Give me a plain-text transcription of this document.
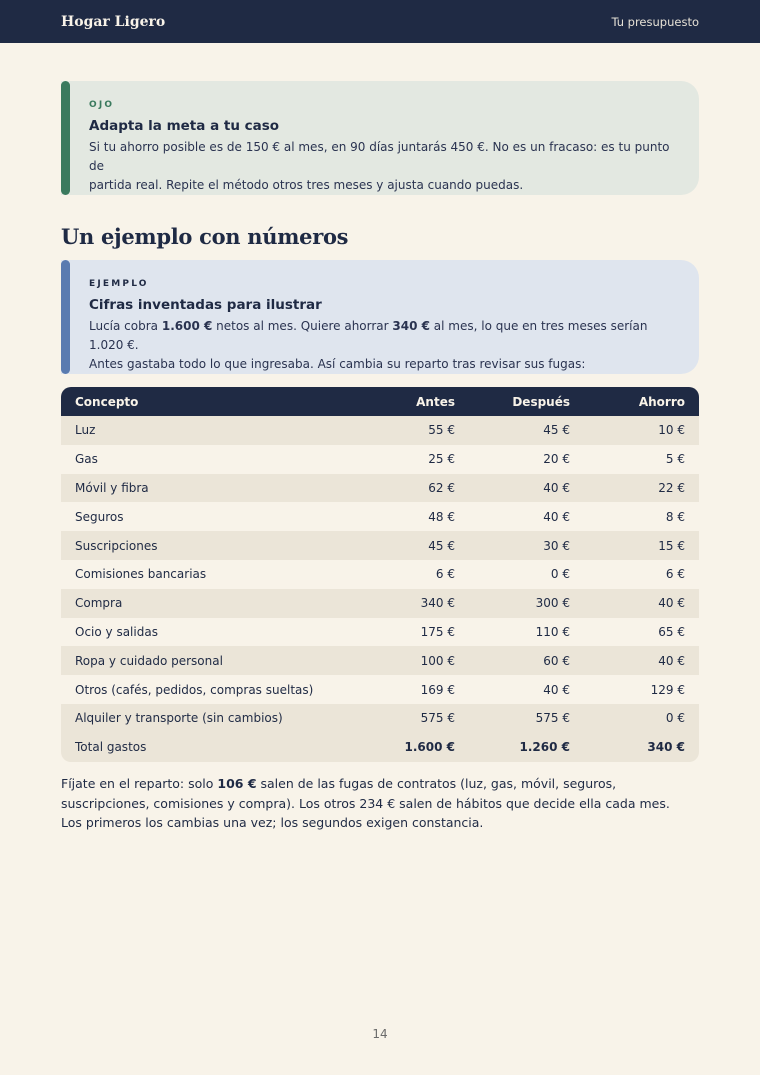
Hogar Ligero	Tu presupuesto
OJO
Adapta la meta a tu caso
Si tu ahorro posible es de 150 € al mes, en 90 días juntarás 450 €. No es un fracaso: es tu punto de
partida real. Repite el método otros tres meses y ajusta cuando puedas.
Un ejemplo con números
EJEMPLO
Cifras inventadas para ilustrar
Lucía cobra 1.600 € netos al mes. Quiere ahorrar 340 € al mes, lo que en tres meses serían 1.020 €.
Antes gastaba todo lo que ingresaba. Así cambia su reparto tras revisar sus fugas:
Concepto	Antes	Después	Ahorro
Luz	55 €	45 €	10 €
Gas	25 €	20 €	5 €
Móvil y fibra	62 €	40 €	22 €
Seguros	48 €	40 €	8 €
Suscripciones	45 €	30 €	15 €
Comisiones bancarias	6 €	0 €	6 €
Compra	340 €	300 €	40 €
Ocio y salidas	175 €	110 €	65 €
Ropa y cuidado personal	100 €	60 €	40 €
Otros (cafés, pedidos, compras sueltas)	169 €	40 €	129 €
Alquiler y transporte (sin cambios)	575 €	575 €	0 €
Total gastos	1.600 €	1.260 €	340 €
Fíjate en el reparto: solo 106 € salen de las fugas de contratos (luz, gas, móvil, seguros,
suscripciones, comisiones y compra). Los otros 234 € salen de hábitos que decide ella cada mes.
Los primeros los cambias una vez; los segundos exigen constancia.
14
